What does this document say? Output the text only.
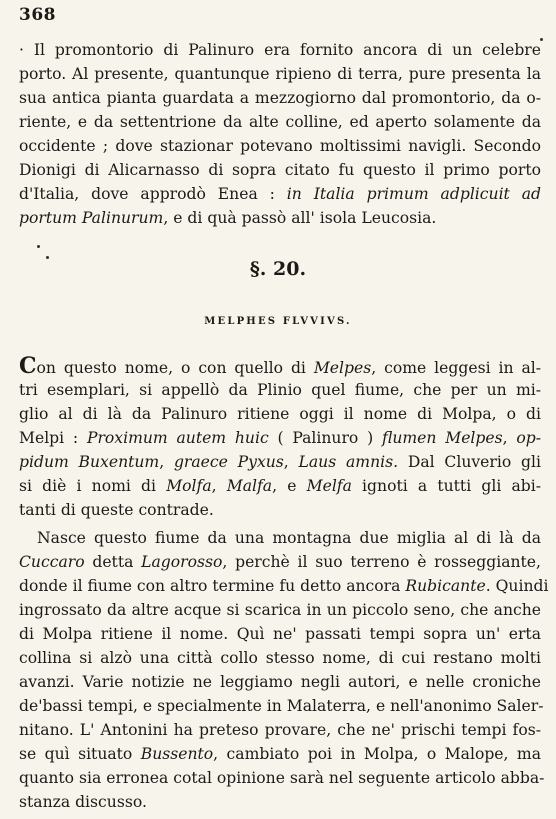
368
· Il promontorio di Palinuro era fornito ancora di un celebre
porto. Al presente, quantunque ripieno di terra, pure presenta la
sua antica pianta guardata a mezzogiorno dal promontorio, da o-
riente, e da settentrione da alte colline, ed aperto solamente da
occidente ; dove stazionar potevano moltissimi navigli. Secondo
Dionigi di Alicarnasso di sopra citato fu questo il primo porto
d'Italia, dove approdò Enea : in Italia primum adplicuit ad
portum Palinurum, e di quà passò all' isola Leucosia.
§. 20.
MELPHES FLVVIVS.
Con questo nome, o con quello di Melpes, come leggesi in al-
tri esemplari, si appellò da Plinio quel fiume, che per un mi-
glio al di là da Palinuro ritiene oggi il nome di Molpa, o di
Melpi : Proximum autem huic ( Palinuro ) flumen Melpes, op-
pidum Buxentum, graece Pyxus, Laus amnis. Dal Cluverio gli
si diè i nomi di Molfa, Malfa, e Melfa ignoti a tutti gli abi-
tanti di queste contrade.
Nasce questo fiume da una montagna due miglia al di là da
Cuccaro detta Lagorosso, perchè il suo terreno è rosseggiante,
donde il fiume con altro termine fu detto ancora Rubicante. Quindi
ingrossato da altre acque si scarica in un piccolo seno, che anche
di Molpa ritiene il nome. Quì ne' passati tempi sopra un' erta
collina si alzò una città collo stesso nome, di cui restano molti
avanzi. Varie notizie ne leggiamo negli autori, e nelle croniche
de'bassi tempi, e specialmente in Malaterra, e nell'anonimo Saler-
nitano. L' Antonini ha preteso provare, che ne' prischi tempi fos-
se quì situato Bussento, cambiato poi in Molpa, o Malope, ma
quanto sia erronea cotal opinione sarà nel seguente articolo abba-
stanza discusso.
